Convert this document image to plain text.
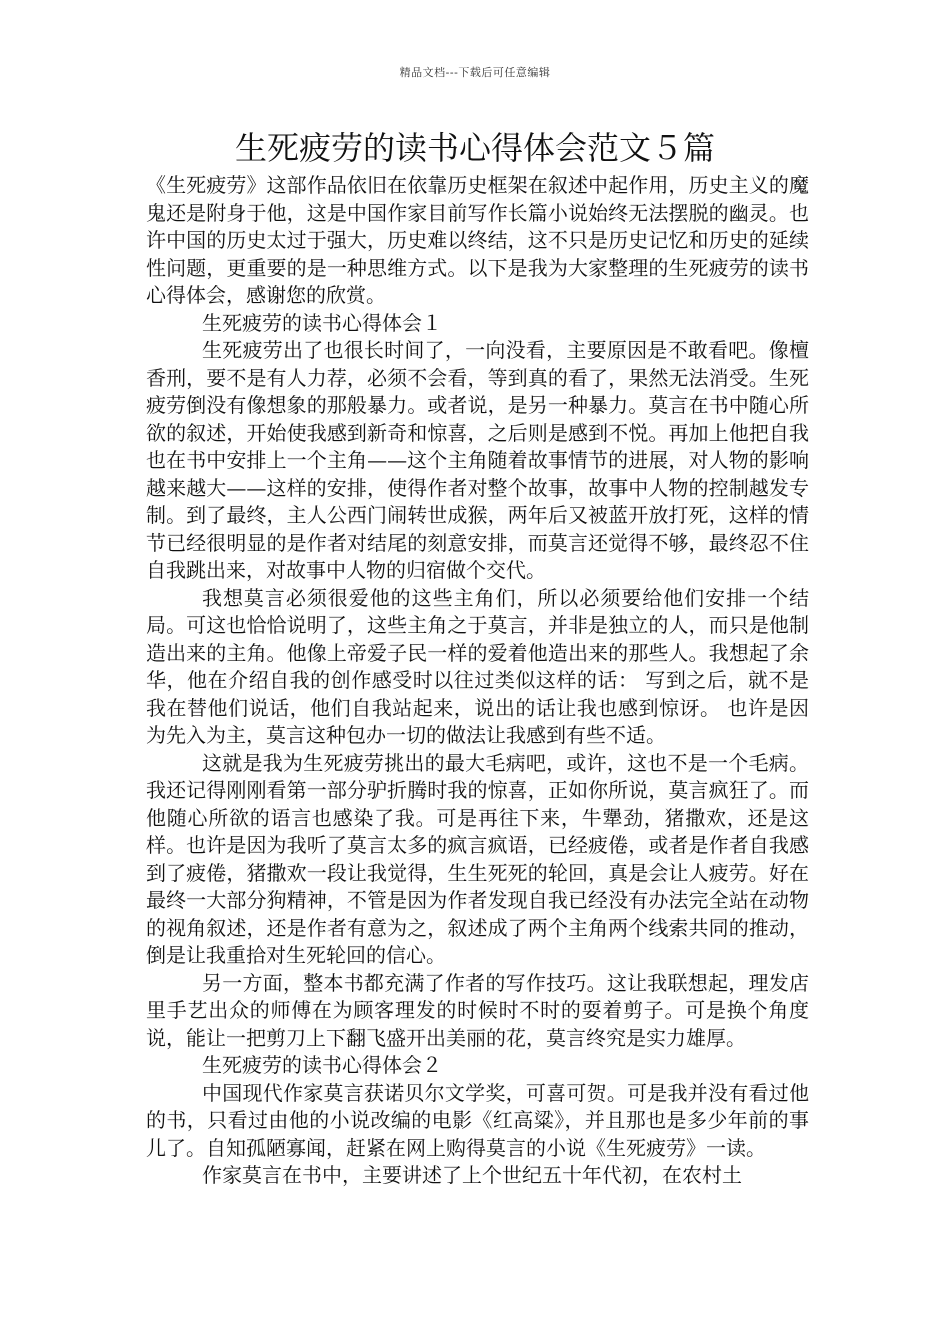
精品文档---下载后可任意编辑
生死疲劳的读书心得体会范文５篇

《生死疲劳》这部作品依旧在依靠历史框架在叙述中起作用，历史主义的魔鬼还是附身于他，这是中国作家目前写作长篇小说始终无法摆脱的幽灵。也许中国的历史太过于强大，历史难以终结，这不只是历史记忆和历史的延续性问题，更重要的是一种思维方式。以下是我为大家整理的生死疲劳的读书心得体会，感谢您的欣赏。

生死疲劳的读书心得体会１

生死疲劳出了也很长时间了，一向没看，主要原因是不敢看吧。像檀香刑，要不是有人力荐，必须不会看，等到真的看了，果然无法消受。生死疲劳倒没有像想象的那般暴力。或者说，是另一种暴力。莫言在书中随心所欲的叙述，开始使我感到新奇和惊喜，之后则是感到不悦。再加上他把自我也在书中安排上一个主角——这个主角随着故事情节的进展，对人物的影响越来越大——这样的安排，使得作者对整个故事，故事中人物的控制越发专制。到了最终，主人公西门闹转世成猴，两年后又被蓝开放打死，这样的情节已经很明显的是作者对结尾的刻意安排，而莫言还觉得不够，最终忍不住自我跳出来，对故事中人物的归宿做个交代。

我想莫言必须很爱他的这些主角们，所以必须要给他们安排一个结局。可这也恰恰说明了，这些主角之于莫言，并非是独立的人，而只是他制造出来的主角。他像上帝爱子民一样的爱着他造出来的那些人。我想起了余华，他在介绍自我的创作感受时以往过类似这样的话： 写到之后，就不是我在替他们说话，他们自我站起来，说出的话让我也感到惊讶。 也许是因为先入为主，莫言这种包办一切的做法让我感到有些不适。

这就是我为生死疲劳挑出的最大毛病吧，或许，这也不是一个毛病。我还记得刚刚看第一部分驴折腾时我的惊喜，正如你所说，莫言疯狂了。而他随心所欲的语言也感染了我。可是再往下来，牛犟劲，猪撒欢，还是这样。也许是因为我听了莫言太多的疯言疯语，已经疲倦，或者是作者自我感到了疲倦，猪撒欢一段让我觉得，生生死死的轮回，真是会让人疲劳。好在最终一大部分狗精神，不管是因为作者发现自我已经没有办法完全站在动物的视角叙述，还是作者有意为之，叙述成了两个主角两个线索共同的推动，倒是让我重拾对生死轮回的信心。

另一方面，整本书都充满了作者的写作技巧。这让我联想起，理发店里手艺出众的师傅在为顾客理发的时候时不时的耍着剪子。可是换个角度说，能让一把剪刀上下翻飞盛开出美丽的花，莫言终究是实力雄厚。

生死疲劳的读书心得体会２

中国现代作家莫言获诺贝尔文学奖，可喜可贺。可是我并没有看过他的书，只看过由他的小说改编的电影《红高粱》，并且那也是多少年前的事儿了。自知孤陋寡闻，赶紧在网上购得莫言的小说《生死疲劳》一读。

作家莫言在书中，主要讲述了上个世纪五十年代初，在农村土
